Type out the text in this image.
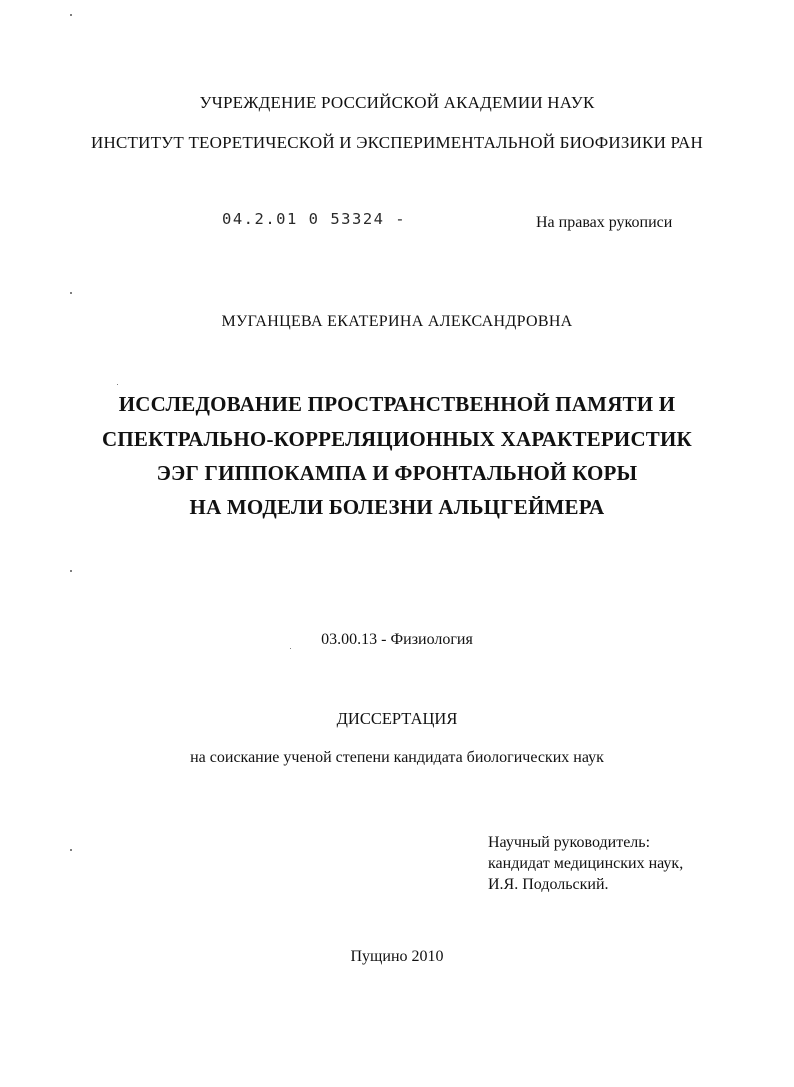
УЧРЕЖДЕНИЕ РОССИЙСКОЙ АКАДЕМИИ НАУК
ИНСТИТУТ ТЕОРЕТИЧЕСКОЙ И ЭКСПЕРИМЕНТАЛЬНОЙ БИОФИЗИКИ РАН
04.2.01 0 53324 -	На правах рукописи
МУГАНЦЕВА ЕКАТЕРИНА АЛЕКСАНДРОВНА
ИССЛЕДОВАНИЕ ПРОСТРАНСТВЕННОЙ ПАМЯТИ И
СПЕКТРАЛЬНО-КОРРЕЛЯЦИОННЫХ ХАРАКТЕРИСТИК
ЭЭГ ГИППОКАМПА И ФРОНТАЛЬНОЙ КОРЫ
НА МОДЕЛИ БОЛЕЗНИ АЛЬЦГЕЙМЕРА
03.00.13 - Физиология
ДИССЕРТАЦИЯ
на соискание ученой степени кандидата биологических наук
Научный руководитель:
кандидат медицинских наук,
И.Я. Подольский.
Пущино 2010
